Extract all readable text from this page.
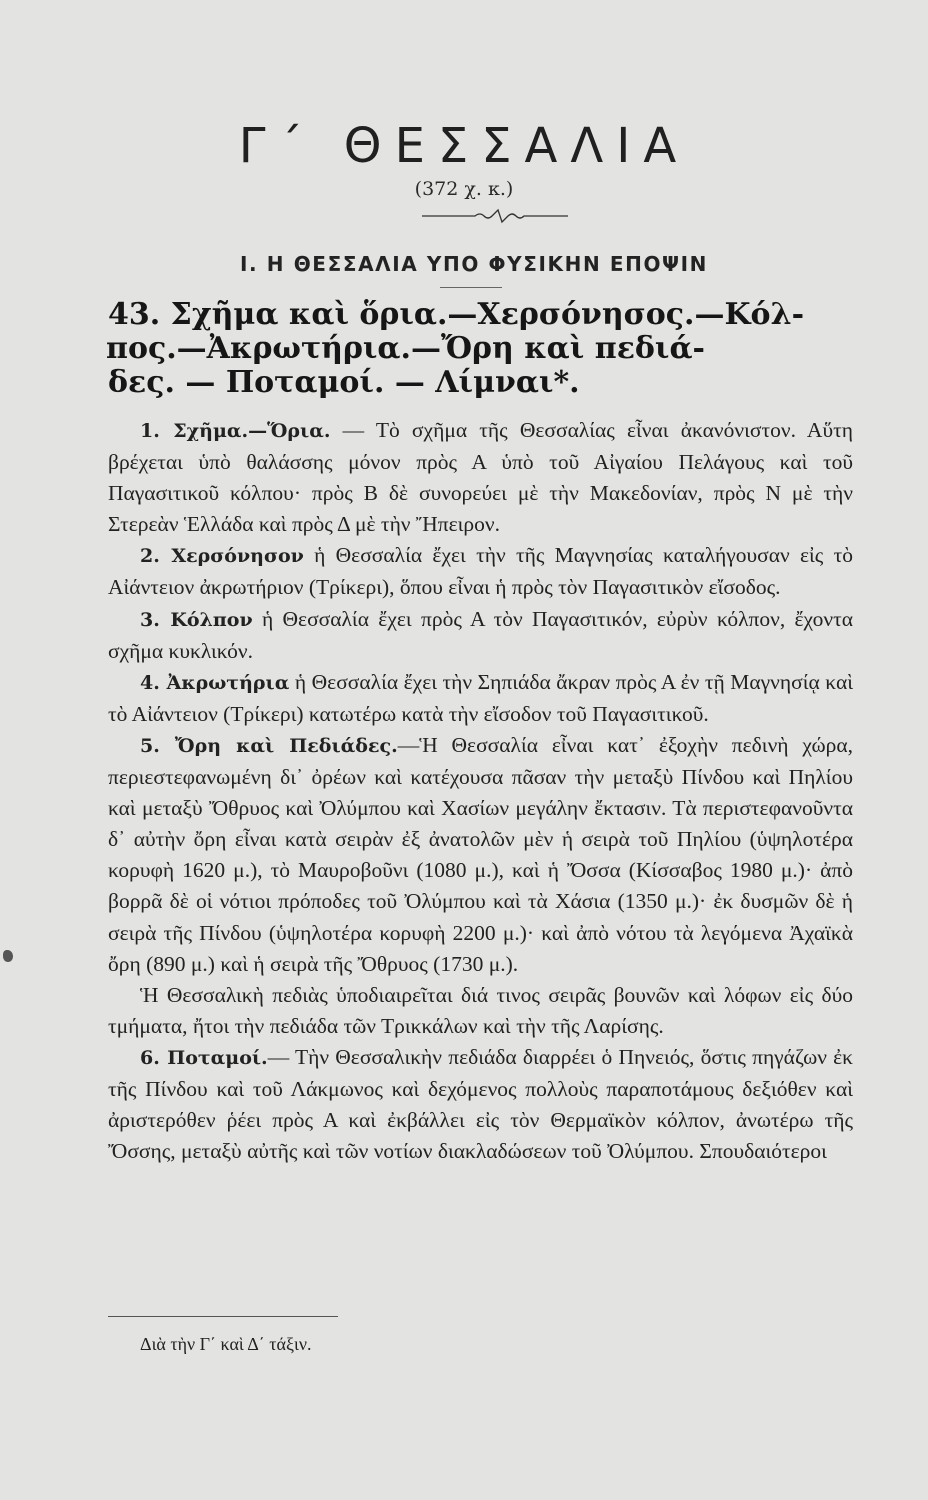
Γ΄ ΘΕΣΣΑΛΙΑ
(372 χ. κ.)
Ι. Η ΘΕΣΣΑΛΙΑ ΥΠΟ ΦΥΣΙΚΗΝ ΕΠΟΨΙΝ
43. Σχῆμα καὶ ὅρια.—Χερσόνησος.—Κόλ-
πος.—Ἀκρωτήρια.—Ὄρη καὶ πεδιά-
δες. — Ποταμοί. — Λίμναι*.

1. Σχῆμα.—Ὅρια. — Τὸ σχῆμα τῆς Θεσσαλίας εἶναι ἀκανόνιστον. Αὕτη βρέχεται ὑπὸ θαλάσσης μόνον πρὸς Α ὑπὸ τοῦ Αἰγαίου Πελάγους καὶ τοῦ Παγασιτικοῦ κόλπου· πρὸς Β δὲ συνορεύει μὲ τὴν Μακεδονίαν, πρὸς Ν μὲ τὴν Στερεὰν Ἑλλάδα καὶ πρὸς Δ μὲ τὴν Ἤπειρον.

2. Χερσόνησον ἡ Θεσσαλία ἔχει τὴν τῆς Μαγνησίας καταλήγουσαν εἰς τὸ Αἰάντειον ἀκρωτήριον (Τρίκερι), ὅπου εἶναι ἡ πρὸς τὸν Παγασιτικὸν εἴσοδος.

3. Κόλπον ἡ Θεσσαλία ἔχει πρὸς Α τὸν Παγασιτικόν, εὐρὺν κόλπον, ἔχοντα σχῆμα κυκλικόν.

4. Ἀκρωτήρια ἡ Θεσσαλία ἔχει τὴν Σηπιάδα ἄκραν πρὸς Α ἐν τῇ Μαγνησίᾳ καὶ τὸ Αἰάντειον (Τρίκερι) κατωτέρω κατὰ τὴν εἴσοδον τοῦ Παγασιτικοῦ.

5. Ὄρη καὶ Πεδιάδες.—Ἡ Θεσσαλία εἶναι κατ᾽ ἐξοχὴν πεδινὴ χώρα, περιεστεφανωμένη δι᾽ ὀρέων καὶ κατέχουσα πᾶσαν τὴν μεταξὺ Πίνδου καὶ Πηλίου καὶ μεταξὺ Ὄθρυος καὶ Ὀλύμπου καὶ Χασίων μεγάλην ἔκτασιν. Τὰ περιστεφανοῦντα δ᾽ αὐτὴν ὄρη εἶναι κατὰ σειρὰν ἐξ ἀνατολῶν μὲν ἡ σειρὰ τοῦ Πηλίου (ὑψηλοτέρα κορυφὴ 1620 μ.), τὸ Μαυροβοῦνι (1080 μ.), καὶ ἡ Ὄσσα (Κίσσαβος 1980 μ.)· ἀπὸ βορρᾶ δὲ οἱ νότιοι πρόποδες τοῦ Ὀλύμπου καὶ τὰ Χάσια (1350 μ.)· ἐκ δυσμῶν δὲ ἡ σειρὰ τῆς Πίνδου (ὑψηλοτέρα κορυφὴ 2200 μ.)· καὶ ἀπὸ νότου τὰ λεγόμενα Ἀχαϊκὰ ὄρη (890 μ.) καὶ ἡ σειρὰ τῆς Ὄθρυος (1730 μ.).

Ἡ Θεσσαλικὴ πεδιὰς ὑποδιαιρεῖται διά τινος σειρᾶς βουνῶν καὶ λόφων εἰς δύο τμήματα, ἤτοι τὴν πεδιάδα τῶν Τρικκάλων καὶ τὴν τῆς Λαρίσης.

6. Ποταμοί.— Τὴν Θεσσαλικὴν πεδιάδα διαρρέει ὁ Πηνειός, ὅστις πηγάζων ἐκ τῆς Πίνδου καὶ τοῦ Λάκμωνος καὶ δεχόμενος πολλοὺς παραποτάμους δεξιόθεν καὶ ἀριστερόθεν ῥέει πρὸς Α καὶ ἐκβάλλει εἰς τὸν Θερμαϊκὸν κόλπον, ἀνωτέρω τῆς Ὄσσης, μεταξὺ αὐτῆς καὶ τῶν νοτίων διακλαδώσεων τοῦ Ὀλύμπου. Σπουδαιότεροι

Διὰ τὴν Γ΄ καὶ Δ΄ τάξιν.
